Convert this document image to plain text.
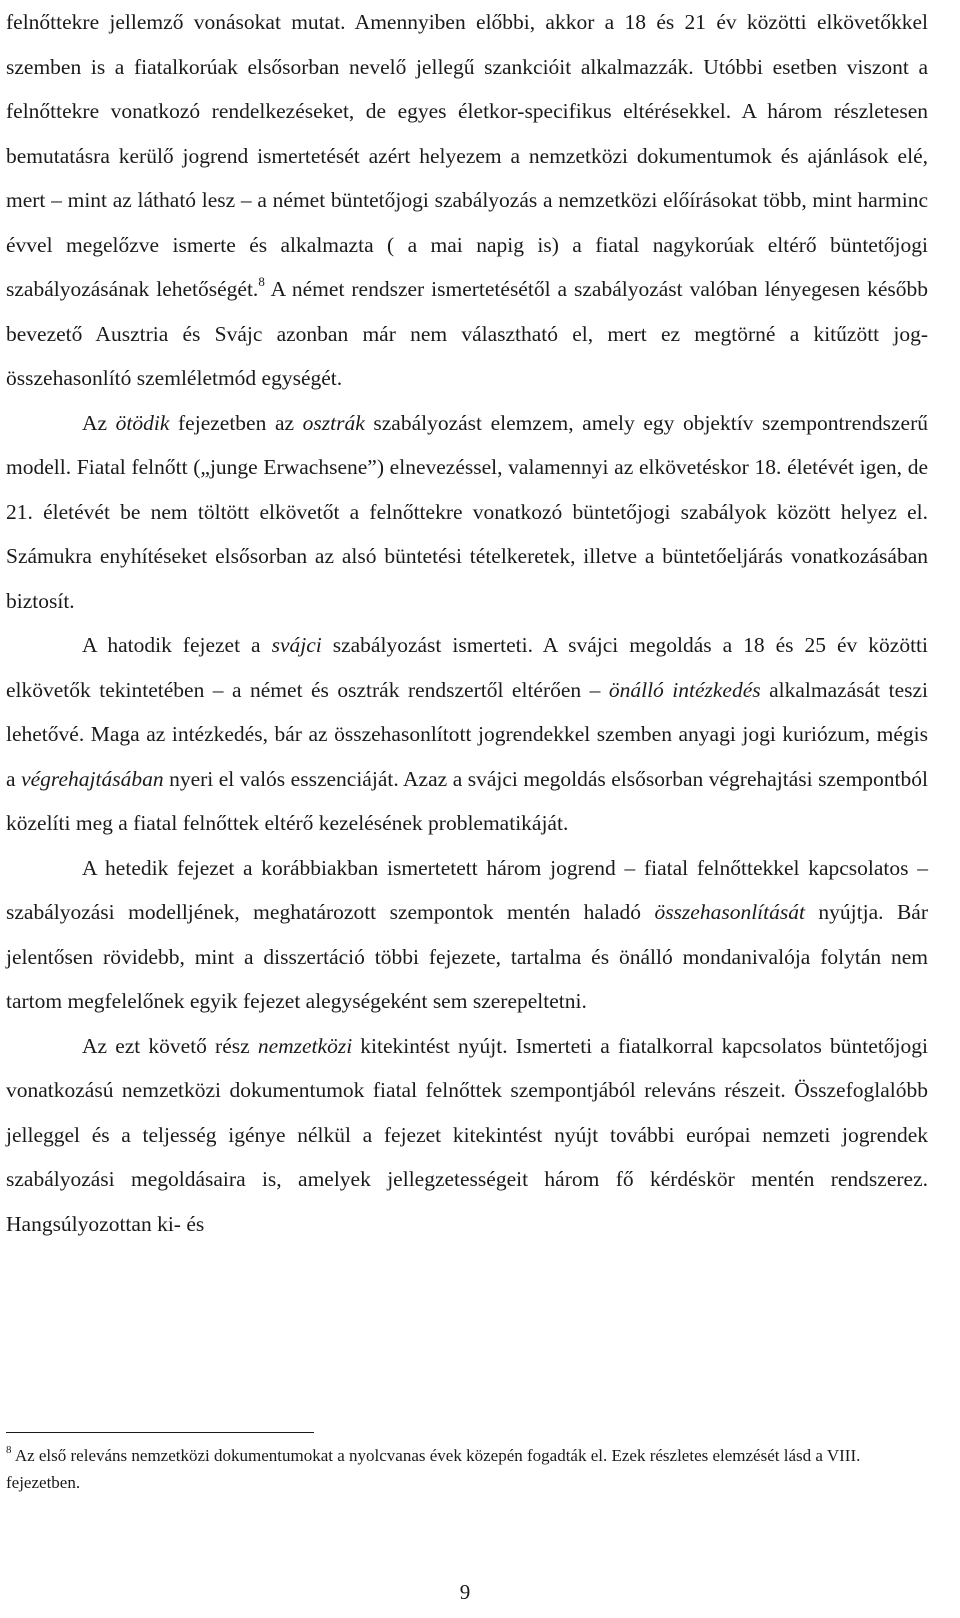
felnőttekre jellemző vonásokat mutat. Amennyiben előbbi, akkor a 18 és 21 év közötti elkövetőkkel szemben is a fiatalkorúak elsősorban nevelő jellegű szankcióit alkalmazzák. Utóbbi esetben viszont a felnőttekre vonatkozó rendelkezéseket, de egyes életkor-specifikus eltérésekkel. A három részletesen bemutatásra kerülő jogrend ismertetését azért helyezem a nemzetközi dokumentumok és ajánlások elé, mert – mint az látható lesz – a német büntetőjogi szabályozás a nemzetközi előírásokat több, mint harminc évvel megelőzve ismerte és alkalmazta ( a mai napig is) a fiatal nagykorúak eltérő büntetőjogi szabályozásának lehetőségét.$^8$ A német rendszer ismertetésétől a szabályozást valóban lényegesen később bevezető Ausztria és Svájc azonban már nem választható el, mert ez megtörné a kitűzött jog-összehasonlító szemléletmód egységét.

Az ötödik fejezetben az osztrák szabályozást elemzem, amely egy objektív szempontrendszerű modell. Fiatal felnőtt („junge Erwachsene”) elnevezéssel, valamennyi az elkövetéskor 18. életévét igen, de 21. életévét be nem töltött elkövetőt a felnőttekre vonatkozó büntetőjogi szabályok között helyez el. Számukra enyhítéseket elsősorban az alsó büntetési tételkeretek, illetve a büntetőeljárás vonatkozásában biztosít.

A hatodik fejezet a svájci szabályozást ismerteti. A svájci megoldás a 18 és 25 év közötti elkövetők tekintetében – a német és osztrák rendszertől eltérően – önálló intézkedés alkalmazását teszi lehetővé. Maga az intézkedés, bár az összehasonlított jogrendekkel szemben anyagi jogi kuriózum, mégis a végrehajtásában nyeri el valós esszenciáját. Azaz a svájci megoldás elsősorban végrehajtási szempontból közelíti meg a fiatal felnőttek eltérő kezelésének problematikáját.

A hetedik fejezet a korábbiakban ismertetett három jogrend – fiatal felnőttekkel kapcsolatos – szabályozási modelljének, meghatározott szempontok mentén haladó összehasonlítását nyújtja. Bár jelentősen rövidebb, mint a disszertáció többi fejezete, tartalma és önálló mondanivalója folytán nem tartom megfelelőnek egyik fejezet alegységeként sem szerepeltetni.

Az ezt követő rész nemzetközi kitekintést nyújt. Ismerteti a fiatalkorral kapcsolatos büntetőjogi vonatkozású nemzetközi dokumentumok fiatal felnőttek szempontjából releváns részeit. Összefoglalóbb jelleggel és a teljesség igénye nélkül a fejezet kitekintést nyújt további európai nemzeti jogrendek szabályozási megoldásaira is, amelyek jellegzetességeit három fő kérdéskör mentén rendszerez. Hangsúlyozottan ki- és

$^8$ Az első releváns nemzetközi dokumentumokat a nyolcvanas évek közepén fogadták el. Ezek részletes elemzését lásd a VIII. fejezetben.

9
